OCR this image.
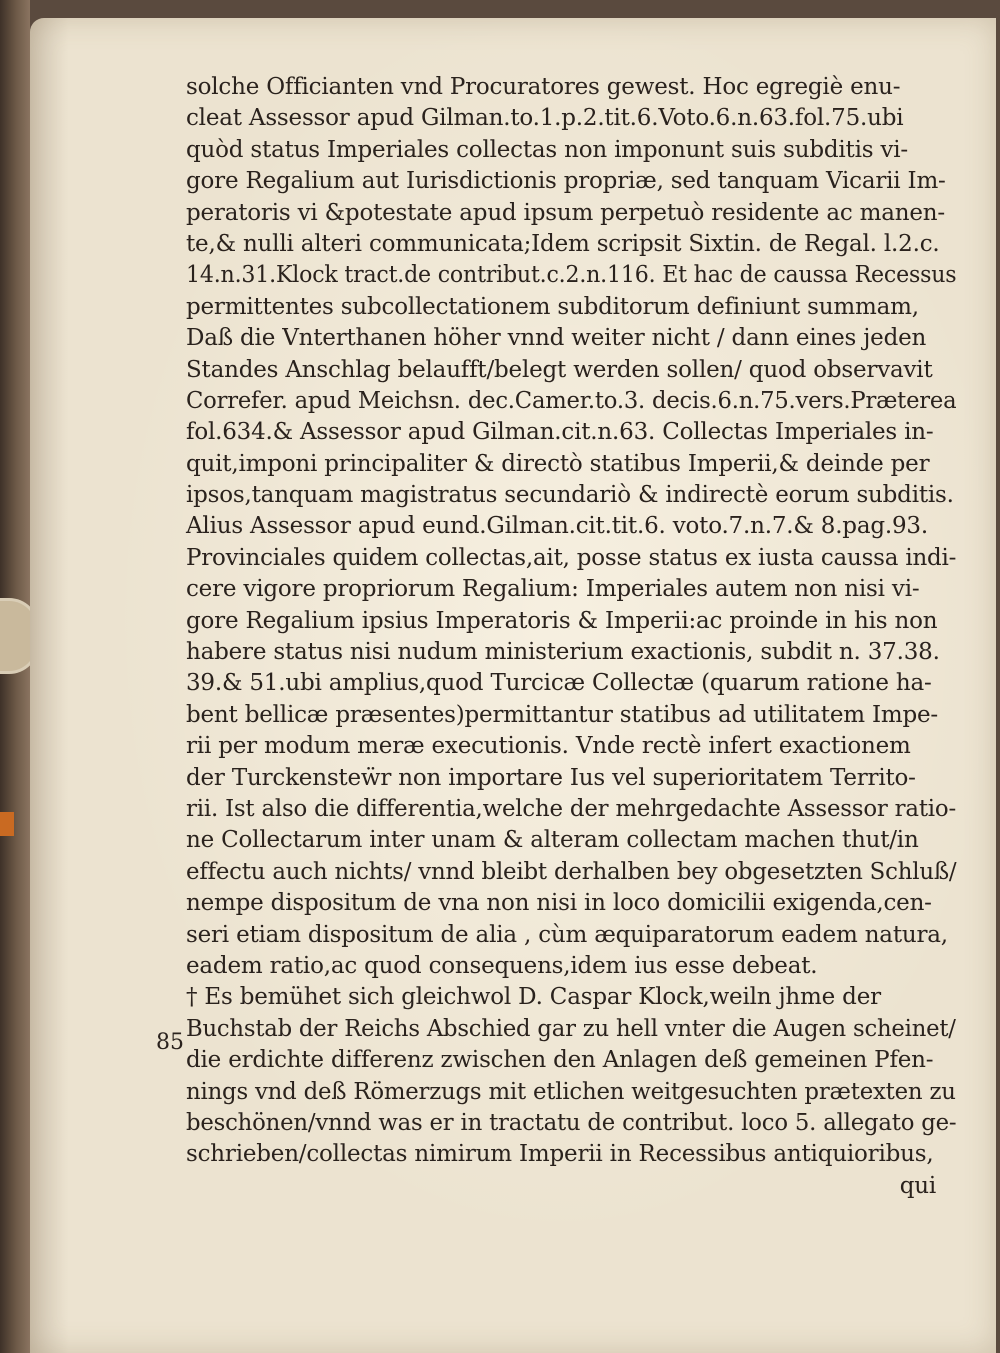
solche Officianten vnd Procuratores gewest. Hoc egregiè enu-
cleat Assessor apud Gilman.to.1.p.2.tit.6.Voto.6.n.63.fol.75.ubi
quòd status Imperiales collectas non imponunt suis subditis vi-
gore Regalium aut Iurisdictionis propriæ, sed tanquam Vicarii Im-
peratoris vi &potestate apud ipsum perpetuò residente ac manen-
te,& nulli alteri communicata;Idem scripsit Sixtin. de Regal. l.2.c.
14.n.31.Klock tract.de contribut.c.2.n.116. Et hac de caussa Recessus
permittentes subcollectationem subditorum definiunt summam,
Daß die Vnterthanen höher vnnd weiter nicht / dann eines jeden
Standes Anschlag belaufft/belegt werden sollen/ quod observavit
Correfer. apud Meichsn. dec.Camer.to.3. decis.6.n.75.vers.Præterea
fol.634.& Assessor apud Gilman.cit.n.63. Collectas Imperiales in-
quit,imponi principaliter & directò statibus Imperii,& deinde per
ipsos,tanquam magistratus secundariò & indirectè eorum subditis.
Alius Assessor apud eund.Gilman.cit.tit.6. voto.7.n.7.& 8.pag.93.
Provinciales quidem collectas,ait, posse status ex iusta caussa indi-
cere vigore propriorum Regalium: Imperiales autem non nisi vi-
gore Regalium ipsius Imperatoris & Imperii:ac proinde in his non
habere status nisi nudum ministerium exactionis, subdit n. 37.38.
39.& 51.ubi amplius,quod Turcicæ Collectæ (quarum ratione ha-
bent bellicæ præsentes)permittantur statibus ad utilitatem Impe-
rii per modum meræ executionis. Vnde rectè infert exactionem
der Turckensteẅr non importare Ius vel superioritatem Territo-
rii. Ist also die differentia,welche der mehrgedachte Assessor ratio-
ne Collectarum inter unam & alteram collectam machen thut/in
effectu auch nichts/ vnnd bleibt derhalben bey obgesetzten Schluß/
nempe dispositum de vna non nisi in loco domicilii exigenda,cen-
seri etiam dispositum de alia , cùm æquiparatorum eadem natura,
eadem ratio,ac quod consequens,idem ius esse debeat.
† Es bemühet sich gleichwol D. Caspar Klock,weiln jhme der
Buchstab der Reichs Abschied gar zu hell vnter die Augen scheinet/
die erdichte differenz zwischen den Anlagen deß gemeinen Pfen-
nings vnd deß Römerzugs mit etlichen weitgesuchten prætexten zu
beschönen/vnnd was er in tractatu de contribut. loco 5. allegato ge-
schrieben/collectas nimirum Imperii in Recessibus antiquioribus,
qui
85
